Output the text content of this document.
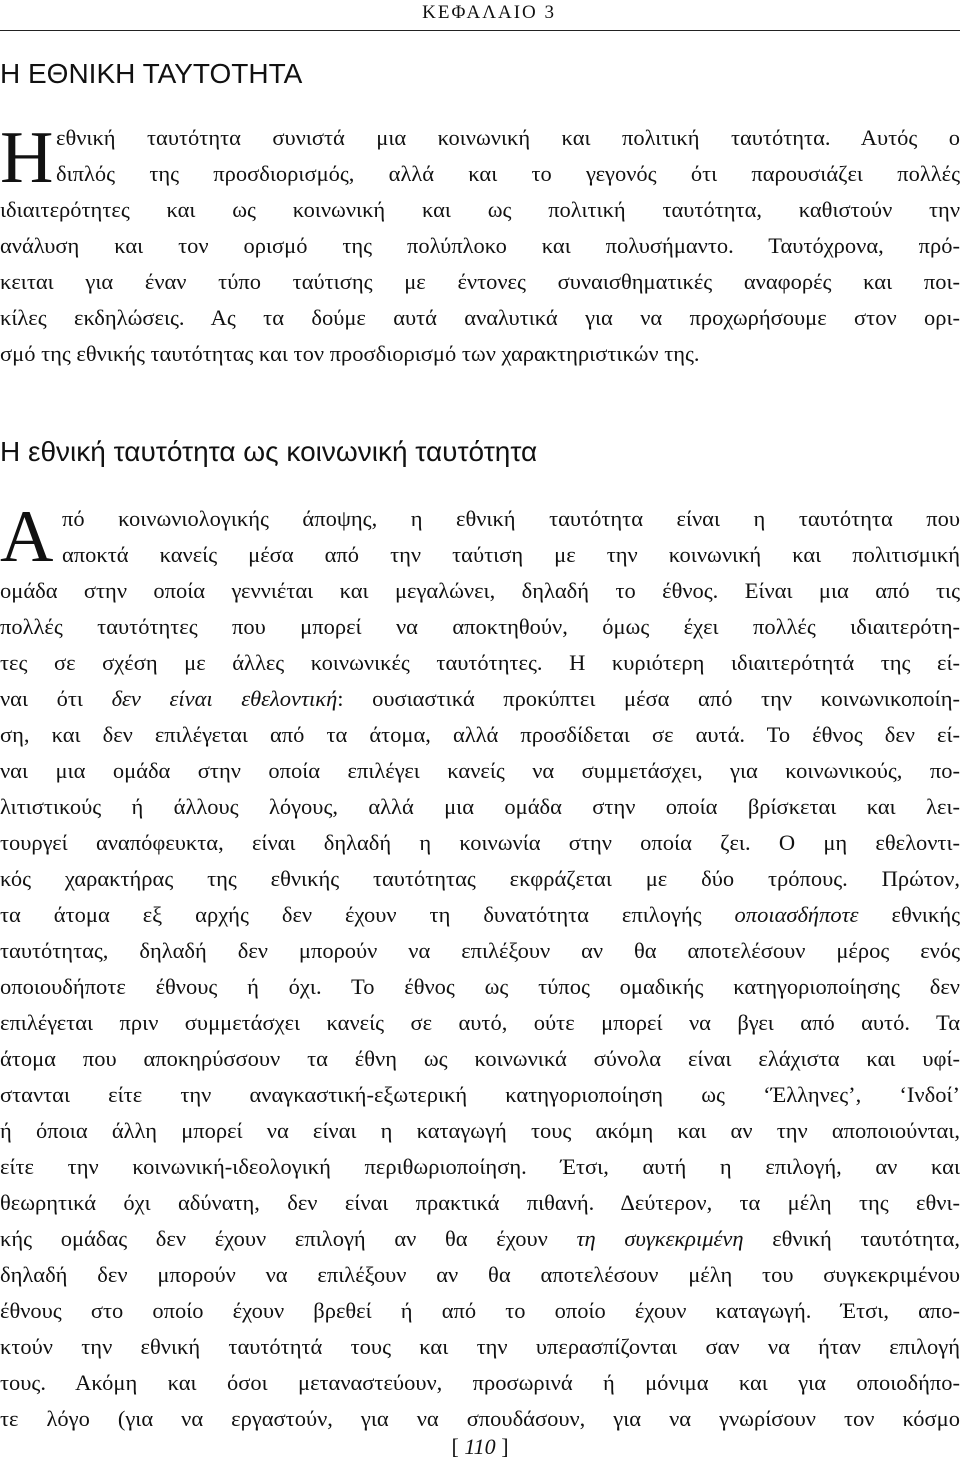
ΚΕΦΑΛΑΙΟ 3
Η ΕΘΝΙΚΗ ΤΑΥΤΟΤΗΤΑ
Η εθνική ταυτότητα συνιστά μια κοινωνική και πολιτική ταυτότητα. Αυτός ο
διπλός της προσδιορισμός, αλλά και το γεγονός ότι παρουσιάζει πολλές
ιδιαιτερότητες και ως κοινωνική και ως πολιτική ταυτότητα, καθιστούν την
ανάλυση και τον ορισμό της πολύπλοκο και πολυσήμαντο. Ταυτόχρονα, πρό-
κειται για έναν τύπο ταύτισης με έντονες συναισθηματικές αναφορές και ποι-
κίλες εκδηλώσεις. Ας τα δούμε αυτά αναλυτικά για να προχωρήσουμε στον ορι-
σμό της εθνικής ταυτότητας και τον προσδιορισμό των χαρακτηριστικών της.
Η εθνική ταυτότητα ως κοινωνική ταυτότητα
Α πό κοινωνιολογικής άποψης, η εθνική ταυτότητα είναι η ταυτότητα που
αποκτά κανείς μέσα από την ταύτιση με την κοινωνική και πολιτισμική
ομάδα στην οποία γεννιέται και μεγαλώνει, δηλαδή το έθνος. Είναι μια από τις
πολλές ταυτότητες που μπορεί να αποκτηθούν, όμως έχει πολλές ιδιαιτερότη-
τες σε σχέση με άλλες κοινωνικές ταυτότητες. Η κυριότερη ιδιαιτερότητά της εί-
ναι ότι δεν είναι εθελοντική: ουσιαστικά προκύπτει μέσα από την κοινωνικοποίη-
ση, και δεν επιλέγεται από τα άτομα, αλλά προσδίδεται σε αυτά. Το έθνος δεν εί-
ναι μια ομάδα στην οποία επιλέγει κανείς να συμμετάσχει, για κοινωνικούς, πο-
λιτιστικούς ή άλλους λόγους, αλλά μια ομάδα στην οποία βρίσκεται και λει-
τουργεί αναπόφευκτα, είναι δηλαδή η κοινωνία στην οποία ζει. Ο μη εθελοντι-
κός χαρακτήρας της εθνικής ταυτότητας εκφράζεται με δύο τρόπους. Πρώτον,
τα άτομα εξ αρχής δεν έχουν τη δυνατότητα επιλογής οποιασδήποτε εθνικής
ταυτότητας, δηλαδή δεν μπορούν να επιλέξουν αν θα αποτελέσουν μέρος ενός
οποιουδήποτε έθνους ή όχι. Το έθνος ως τύπος ομαδικής κατηγοριοποίησης δεν
επιλέγεται πριν συμμετάσχει κανείς σε αυτό, ούτε μπορεί να βγει από αυτό. Τα
άτομα που αποκηρύσσουν τα έθνη ως κοινωνικά σύνολα είναι ελάχιστα και υφί-
στανται είτε την αναγκαστική-εξωτερική κατηγοριοποίηση ως ‘Έλληνες’, ‘Ινδοί’
ή όποια άλλη μπορεί να είναι η καταγωγή τους ακόμη και αν την αποποιούνται,
είτε την κοινωνική-ιδεολογική περιθωριοποίηση. Έτσι, αυτή η επιλογή, αν και
θεωρητικά όχι αδύνατη, δεν είναι πρακτικά πιθανή. Δεύτερον, τα μέλη της εθνι-
κής ομάδας δεν έχουν επιλογή αν θα έχουν τη συγκεκριμένη εθνική ταυτότητα,
δηλαδή δεν μπορούν να επιλέξουν αν θα αποτελέσουν μέλη του συγκεκριμένου
έθνους στο οποίο έχουν βρεθεί ή από το οποίο έχουν καταγωγή. Έτσι, απο-
κτούν την εθνική ταυτότητά τους και την υπερασπίζονται σαν να ήταν επιλογή
τους. Ακόμη και όσοι μεταναστεύουν, προσωρινά ή μόνιμα και για οποιοδήπο-
τε λόγο (για να εργαστούν, για να σπουδάσουν, για να γνωρίσουν τον κόσμο
[ 110 ]
